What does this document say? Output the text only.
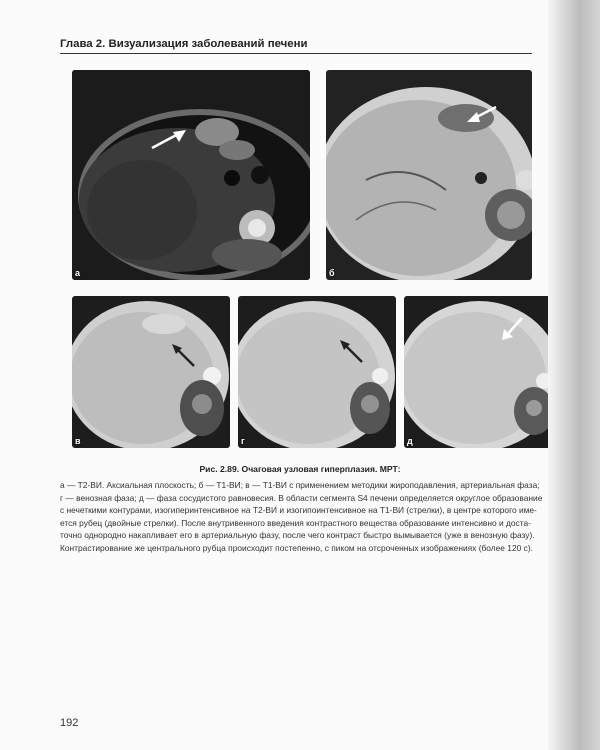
Глава 2. Визуализация заболеваний печени
а	б
в	г	д
Рис. 2.89. Очаговая узловая гиперплазия. МРТ:
а — Т2-ВИ. Аксиальная плоскость; б — Т1-ВИ; в — Т1-ВИ с применением методики жироподавления, артериальная фаза;
г — венозная фаза; д — фаза сосудистого равновесия. В области сегмента S4 печени определяется округлое образование
с нечеткими контурами, изогиперинтенсивное на Т2-ВИ и изогипоинтенсивное на Т1-ВИ (стрелки), в центре которого име-
ется рубец (двойные стрелки). После внутривенного введения контрастного вещества образование интенсивно и доста-
точно однородно накапливает его в артериальную фазу, после чего контраст быстро вымывается (уже в венозную фазу).
Контрастирование же центрального рубца происходит постепенно, с пиком на отсроченных изображениях (более 120 с).
192
